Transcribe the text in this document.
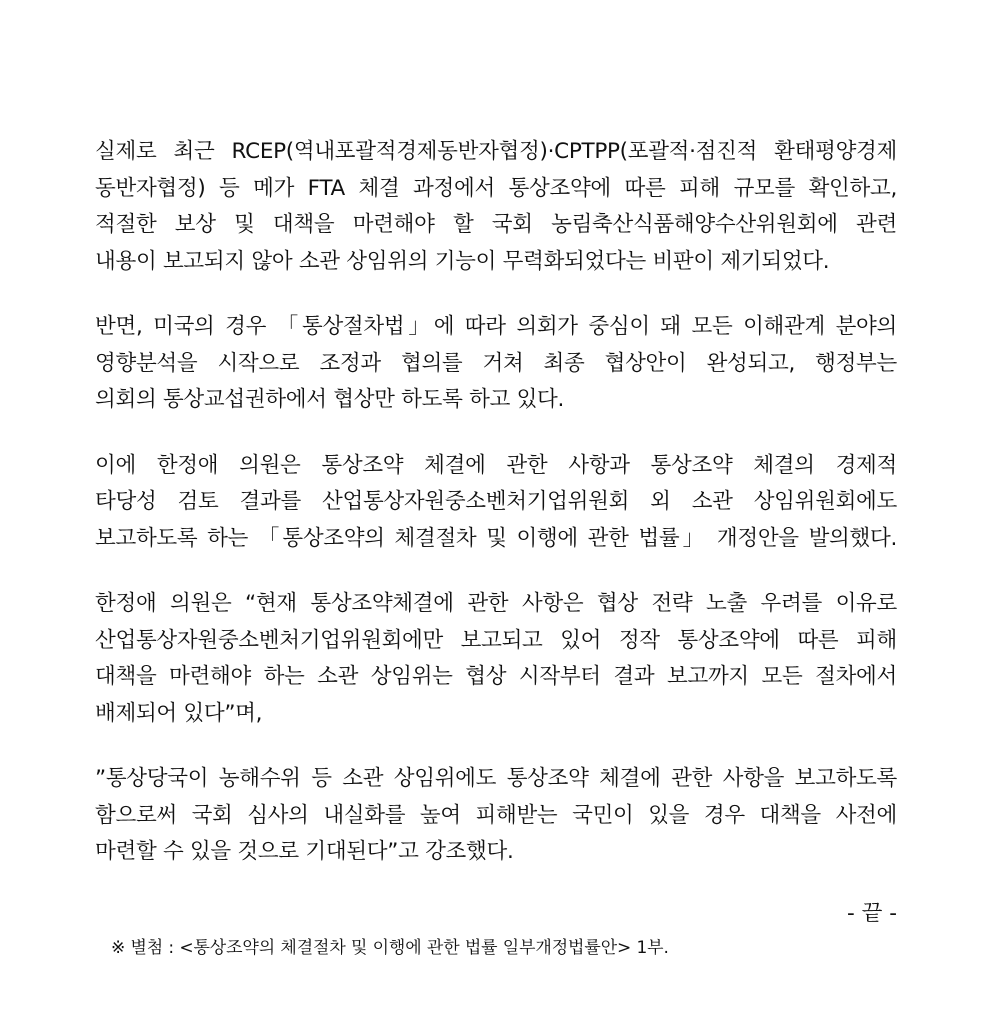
실제로 최근 RCEP(역내포괄적경제동반자협정)·CPTPP(포괄적·점진적 환태평양경제
동반자협정) 등 메가 FTA 체결 과정에서 통상조약에 따른 피해 규모를 확인하고,
적절한 보상 및 대책을 마련해야 할 국회 농림축산식품해양수산위원회에 관련
내용이 보고되지 않아 소관 상임위의 기능이 무력화되었다는 비판이 제기되었다.
반면, 미국의 경우 「통상절차법」에 따라 의회가 중심이 돼 모든 이해관계 분야의
영향분석을 시작으로 조정과 협의를 거쳐 최종 협상안이 완성되고, 행정부는
의회의 통상교섭권하에서 협상만 하도록 하고 있다.
이에 한정애 의원은 통상조약 체결에 관한 사항과 통상조약 체결의 경제적
타당성 검토 결과를 산업통상자원중소벤처기업위원회 외 소관 상임위원회에도
보고하도록 하는 「통상조약의 체결절차 및 이행에 관한 법률」 개정안을 발의했다.
한정애 의원은 “현재 통상조약체결에 관한 사항은 협상 전략 노출 우려를 이유로
산업통상자원중소벤처기업위원회에만 보고되고 있어 정작 통상조약에 따른 피해
대책을 마련해야 하는 소관 상임위는 협상 시작부터 결과 보고까지 모든 절차에서
배제되어 있다”며,
”통상당국이 농해수위 등 소관 상임위에도 통상조약 체결에 관한 사항을 보고하도록
함으로써 국회 심사의 내실화를 높여 피해받는 국민이 있을 경우 대책을 사전에
마련할 수 있을 것으로 기대된다”고 강조했다.
- 끝 -
※ 별첨 : <통상조약의 체결절차 및 이행에 관한 법률 일부개정법률안> 1부.
